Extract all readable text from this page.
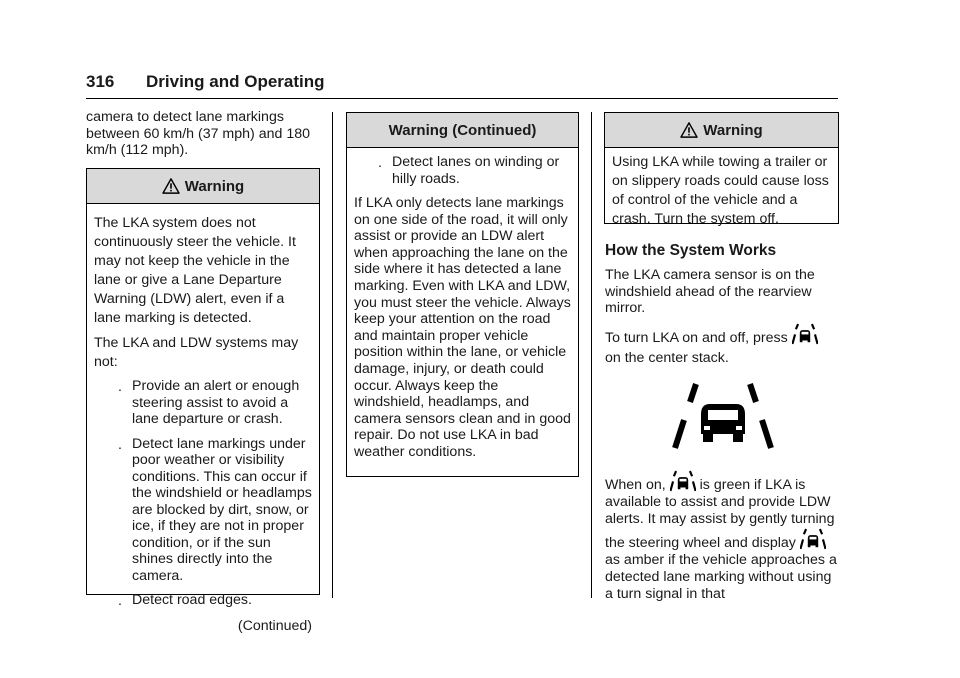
316 Driving and Operating

camera to detect lane markings between 60 km/h (37 mph) and 180 km/h (112 mph).

Warning

The LKA system does not continuously steer the vehicle. It may not keep the vehicle in the lane or give a Lane Departure Warning (LDW) alert, even if a lane marking is detected.

The LKA and LDW systems may not:

. Provide an alert or enough steering assist to avoid a lane departure or crash.
. Detect lane markings under poor weather or visibility conditions. This can occur if the windshield or headlamps are blocked by dirt, snow, or ice, if they are not in proper condition, or if the sun shines directly into the camera.
. Detect road edges.
(Continued)
Warning (Continued)
. Detect lanes on winding or hilly roads.

If LKA only detects lane markings on one side of the road, it will only assist or provide an LDW alert when approaching the lane on the side where it has detected a lane marking. Even with LKA and LDW, you must steer the vehicle. Always keep your attention on the road and maintain proper vehicle position within the lane, or vehicle damage, injury, or death could occur. Always keep the windshield, headlamps, and camera sensors clean and in good repair. Do not use LKA in bad weather conditions.

Warning

Using LKA while towing a trailer or on slippery roads could cause loss of control of the vehicle and a crash. Turn the system off.

How the System Works

The LKA camera sensor is on the windshield ahead of the rearview mirror.

To turn LKA on and off, press
on the center stack.

When on, is green if LKA is available to assist and provide LDW alerts. It may assist by gently turning the steering wheel and display  as amber if the vehicle approaches a detected lane marking without using a turn signal in that
